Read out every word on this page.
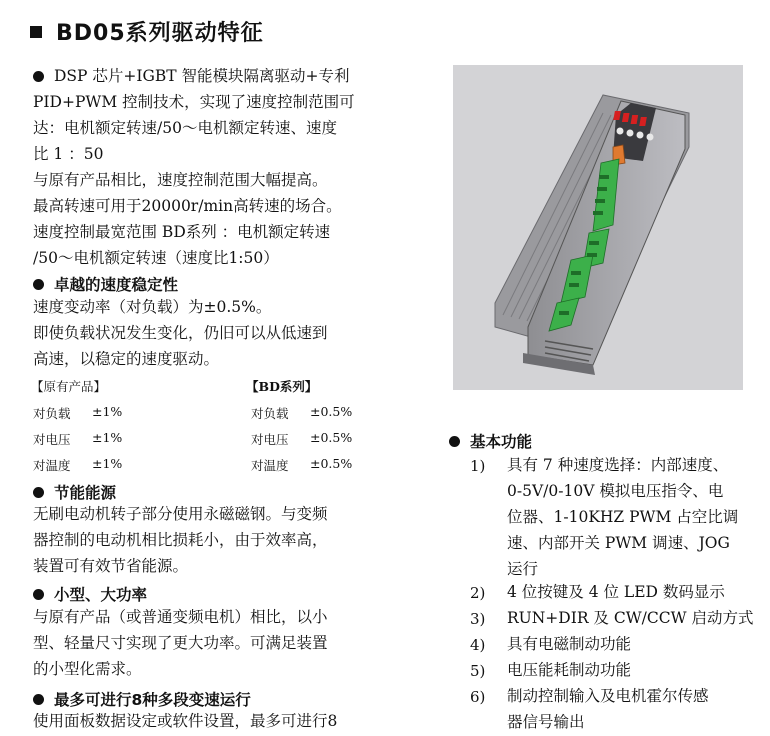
BD05系列驱动特征
DSP 芯片+IGBT 智能模块隔离驱动+专利
PID+PWM 控制技术，实现了速度控制范围可
达：电机额定转速/50～电机额定转速、速度
比 1 ：50
与原有产品相比，速度控制范围大幅提高。
最高转速可用于20000r/min高转速的场合。
速度控制最宽范围 BD系列 ：电机额定转速
/50～电机额定转速（速度比1:50）
卓越的速度稳定性
速度变动率（对负载）为±0.5%。
即使负载状况发生变化，仍旧可以从低速到
高速，以稳定的速度驱动。
【原有产品】	【BD系列】
对负载 ±1%	对负载 ±0.5%
对电压 ±1%	对电压 ±0.5%
对温度 ±1%	对温度 ±0.5%
节能能源
无刷电动机转子部分使用永磁磁钢。与变频
器控制的电动机相比损耗小，由于效率高，
装置可有效节省能源。
小型、大功率
与原有产品（或普通变频电机）相比，以小
型、轻量尺寸实现了更大功率。可满足装置
的小型化需求。
最多可进行8种多段变速运行
使用面板数据设定或软件设置，最多可进行8
基本功能
1) 具有 7 种速度选择：内部速度、
0-5V/0-10V 模拟电压指令、电
位器、1-10KHZ PWM 占空比调
速、内部开关 PWM 调速、JOG
运行
2) 4 位按键及 4 位 LED 数码显示
3) RUN+DIR 及 CW/CCW 启动方式
4) 具有电磁制动功能
5) 电压能耗制动功能
6) 制动控制输入及电机霍尔传感
器信号输出
